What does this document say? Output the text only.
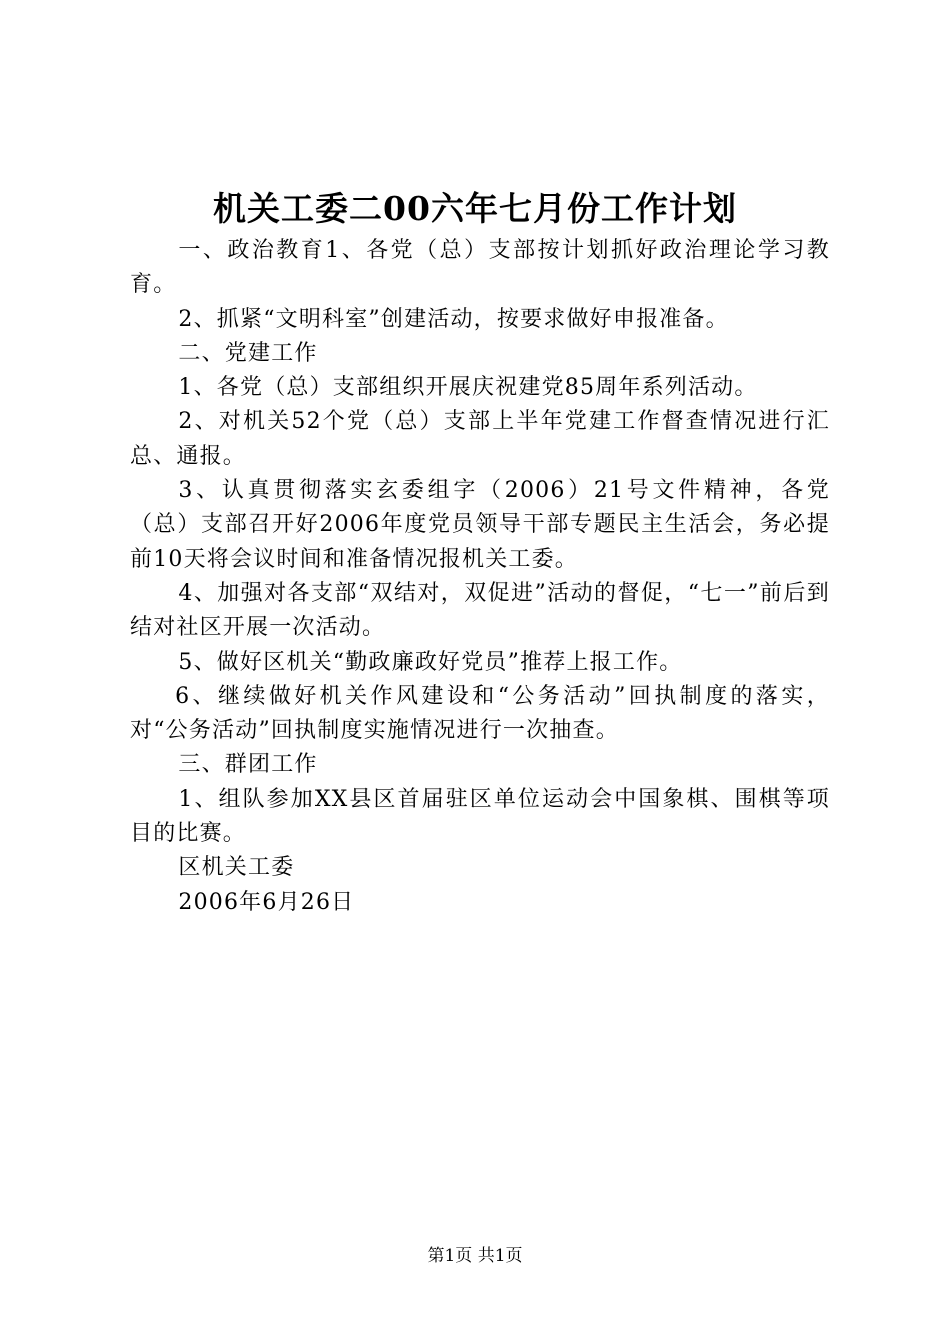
机关工委二00六年七月份工作计划

一、政治教育1、各党（总）支部按计划抓好政治理论学习教育。

2、抓紧“文明科室”创建活动，按要求做好申报准备。

二、党建工作

1、各党（总）支部组织开展庆祝建党85周年系列活动。

2、对机关52个党（总）支部上半年党建工作督查情况进行汇总、通报。

3、认真贯彻落实玄委组字（2006）21号文件精神，各党（总）支部召开好2006年度党员领导干部专题民主生活会，务必提前10天将会议时间和准备情况报机关工委。

4、加强对各支部“双结对，双促进”活动的督促，“七一”前后到结对社区开展一次活动。

5、做好区机关“勤政廉政好党员”推荐上报工作。

6、继续做好机关作风建设和“公务活动”回执制度的落实，对“公务活动”回执制度实施情况进行一次抽查。

三、群团工作

1、组队参加XX县区首届驻区单位运动会中国象棋、围棋等项目的比赛。

区机关工委

2006年6月26日

第1页 共1页
